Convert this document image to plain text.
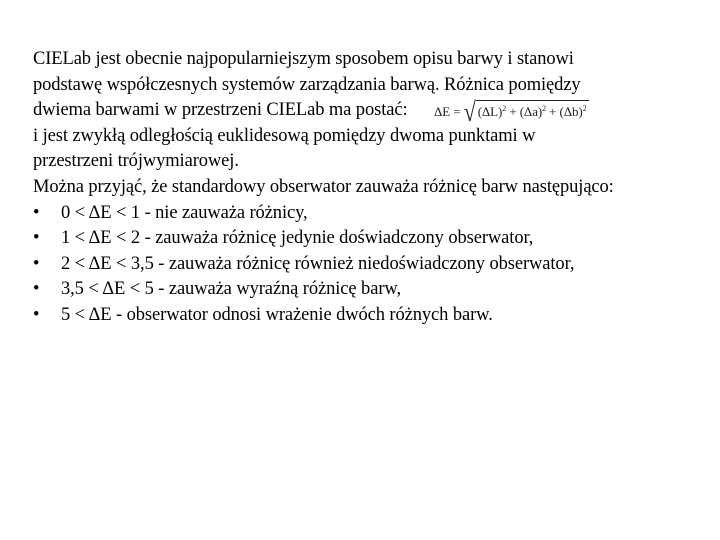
CIELab jest obecnie najpopularniejszym sposobem opisu barwy i stanowi
podstawę współczesnych systemów zarządzania barwą. Różnica pomiędzy
dwiema barwami w przestrzeni CIELab ma postać: ΔE = √ $(\Delta L)^2 + (\Delta a)^2 + (\Delta b)^2$
i jest zwykłą odległością euklidesową pomiędzy dwoma punktami w
przestrzeni trójwymiarowej.
Można przyjąć, że standardowy obserwator zauważa różnicę barw następująco:
• 0 < ΔE < 1 - nie zauważa różnicy,
• 1 < ΔE < 2 - zauważa różnicę jedynie doświadczony obserwator,
• 2 < ΔE < 3,5 - zauważa różnicę również niedoświadczony obserwator,
• 3,5 < ΔE < 5 - zauważa wyraźną różnicę barw,
• 5 < ΔE - obserwator odnosi wrażenie dwóch różnych barw.
